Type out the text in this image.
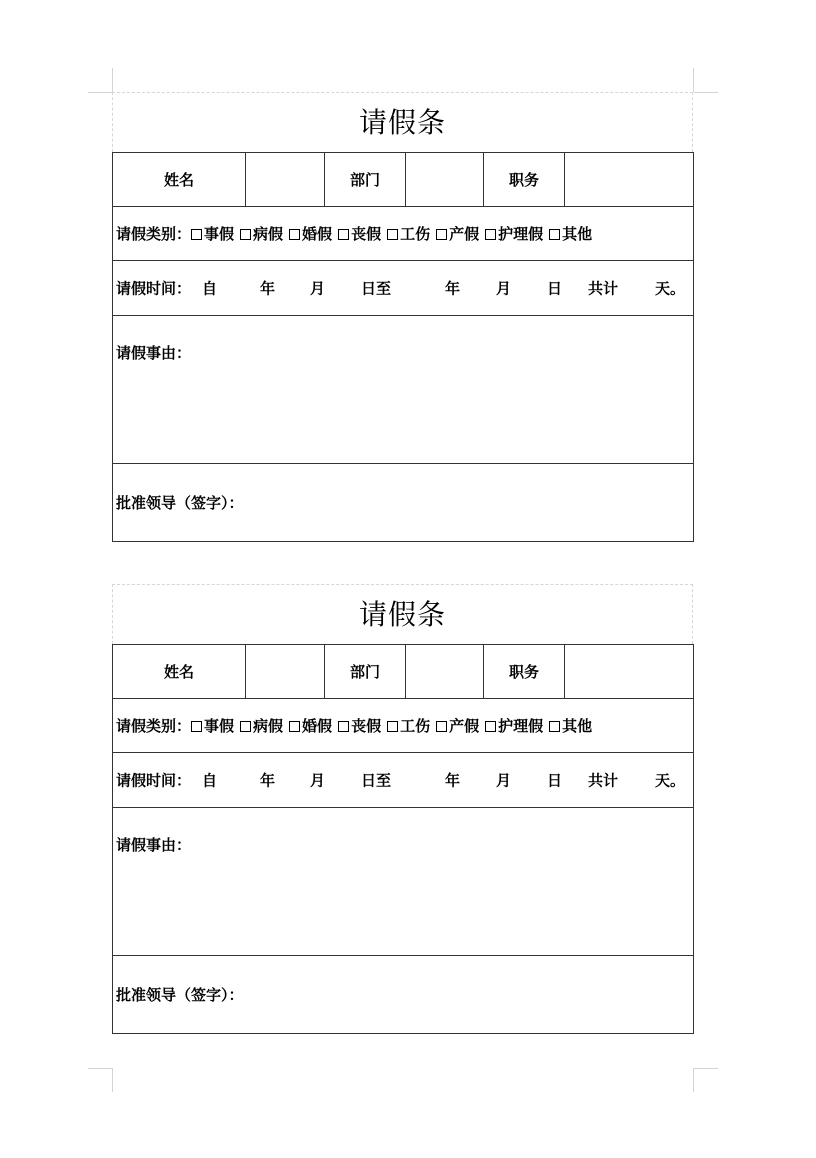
请假条
姓名		部门		职务	
请假类别： 事假 病假 婚假 丧假 工伤 产假 护理假 其他

请假时间： 自	年 月 日至	年 月 日 共计 天。

请假事由：
批准领导（签字）：
请假条
姓名		部门		职务	
请假类别： 事假 病假 婚假 丧假 工伤 产假 护理假 其他

请假时间： 自	年 月 日至	年 月 日 共计 天。

请假事由：
批准领导（签字）：
